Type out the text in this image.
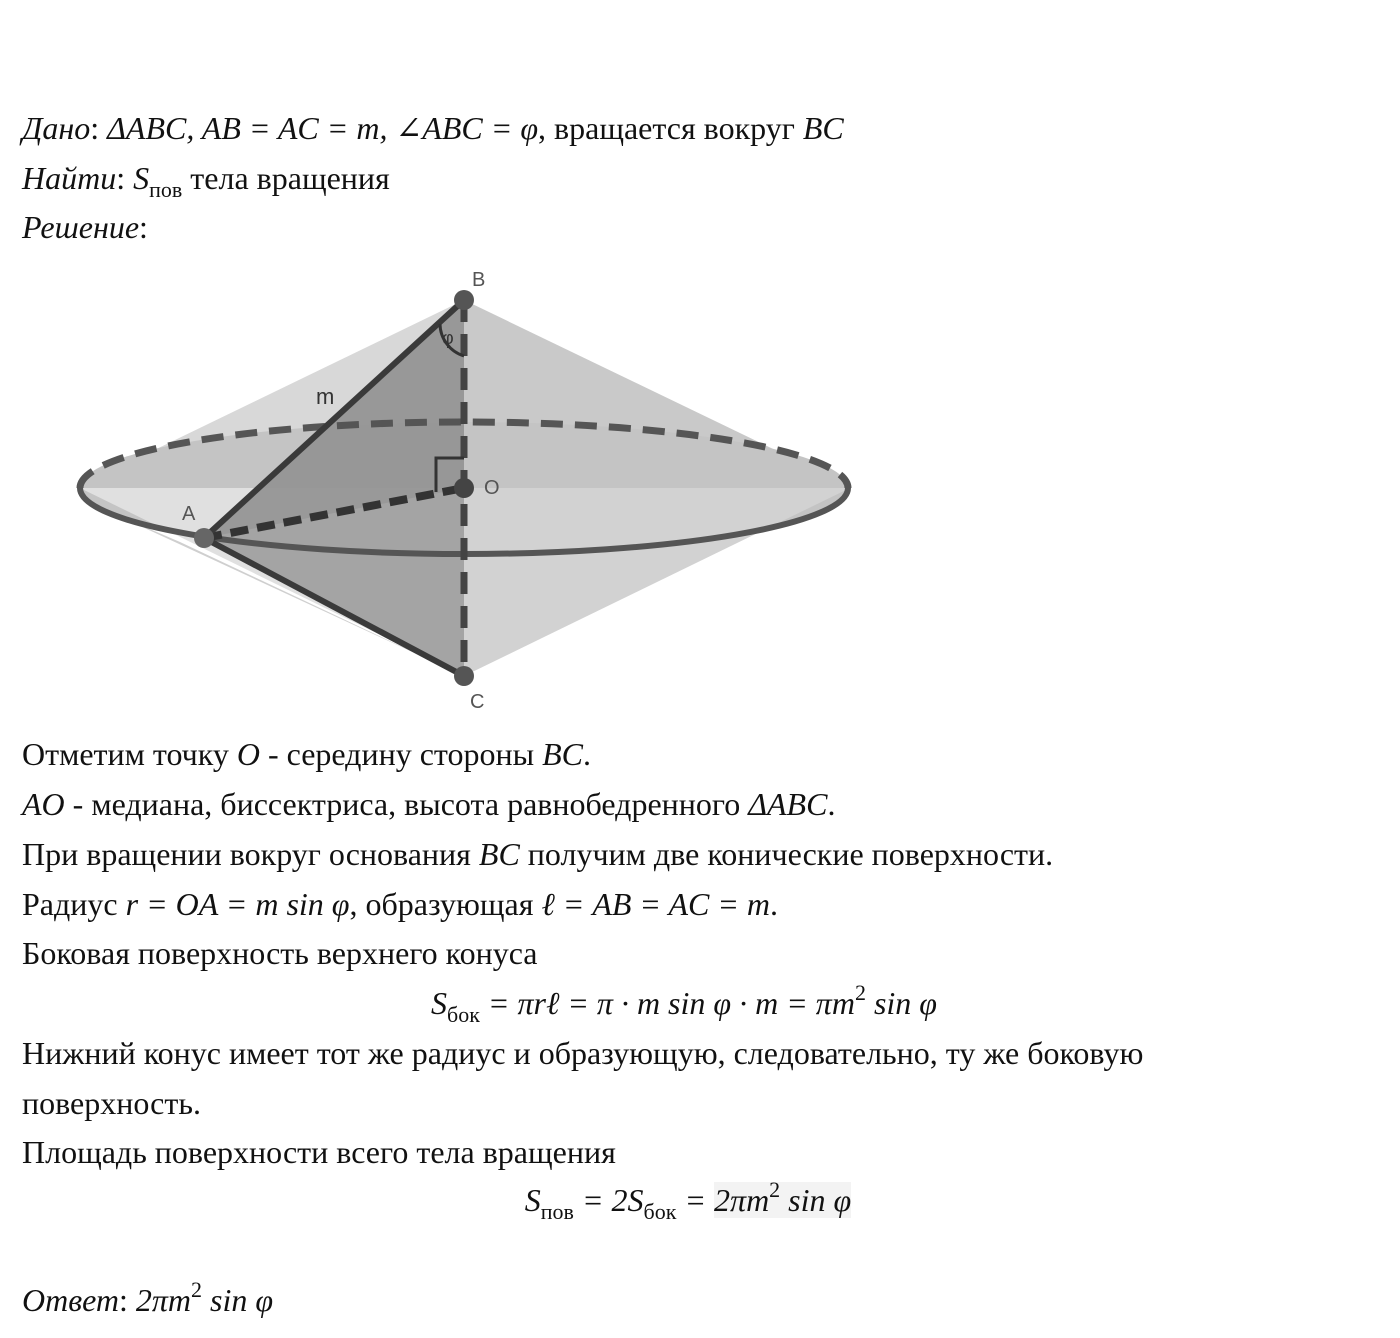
Дано: ΔABC, AB = AC = m, ∠ABC = φ, вращается вокруг BC
Найти: $S_{пов}$ тела вращения
Решение:
B
O
A
C
m
φ
Отметим точку O - середину стороны BC.
AO - медиана, биссектриса, высота равнобедренного ΔABC.
При вращении вокруг основания BC получим две конические поверхности.
Радиус r = OA = m sin φ, образующая ℓ = AB = AC = m.
Боковая поверхность верхнего конуса
$S_{бок}$ = πrℓ = π · m $\sin \varphi \cdot m = \pi m^2$ sin φ
Нижний конус имеет тот же радиус и образующую, следовательно, ту же боковую
поверхность.
Площадь поверхности всего тела вращения
$S_{пов} = 2S_{бок} = 2\pi m^2$ sin φ
Ответ: $2\pi m^2$ sin φ
